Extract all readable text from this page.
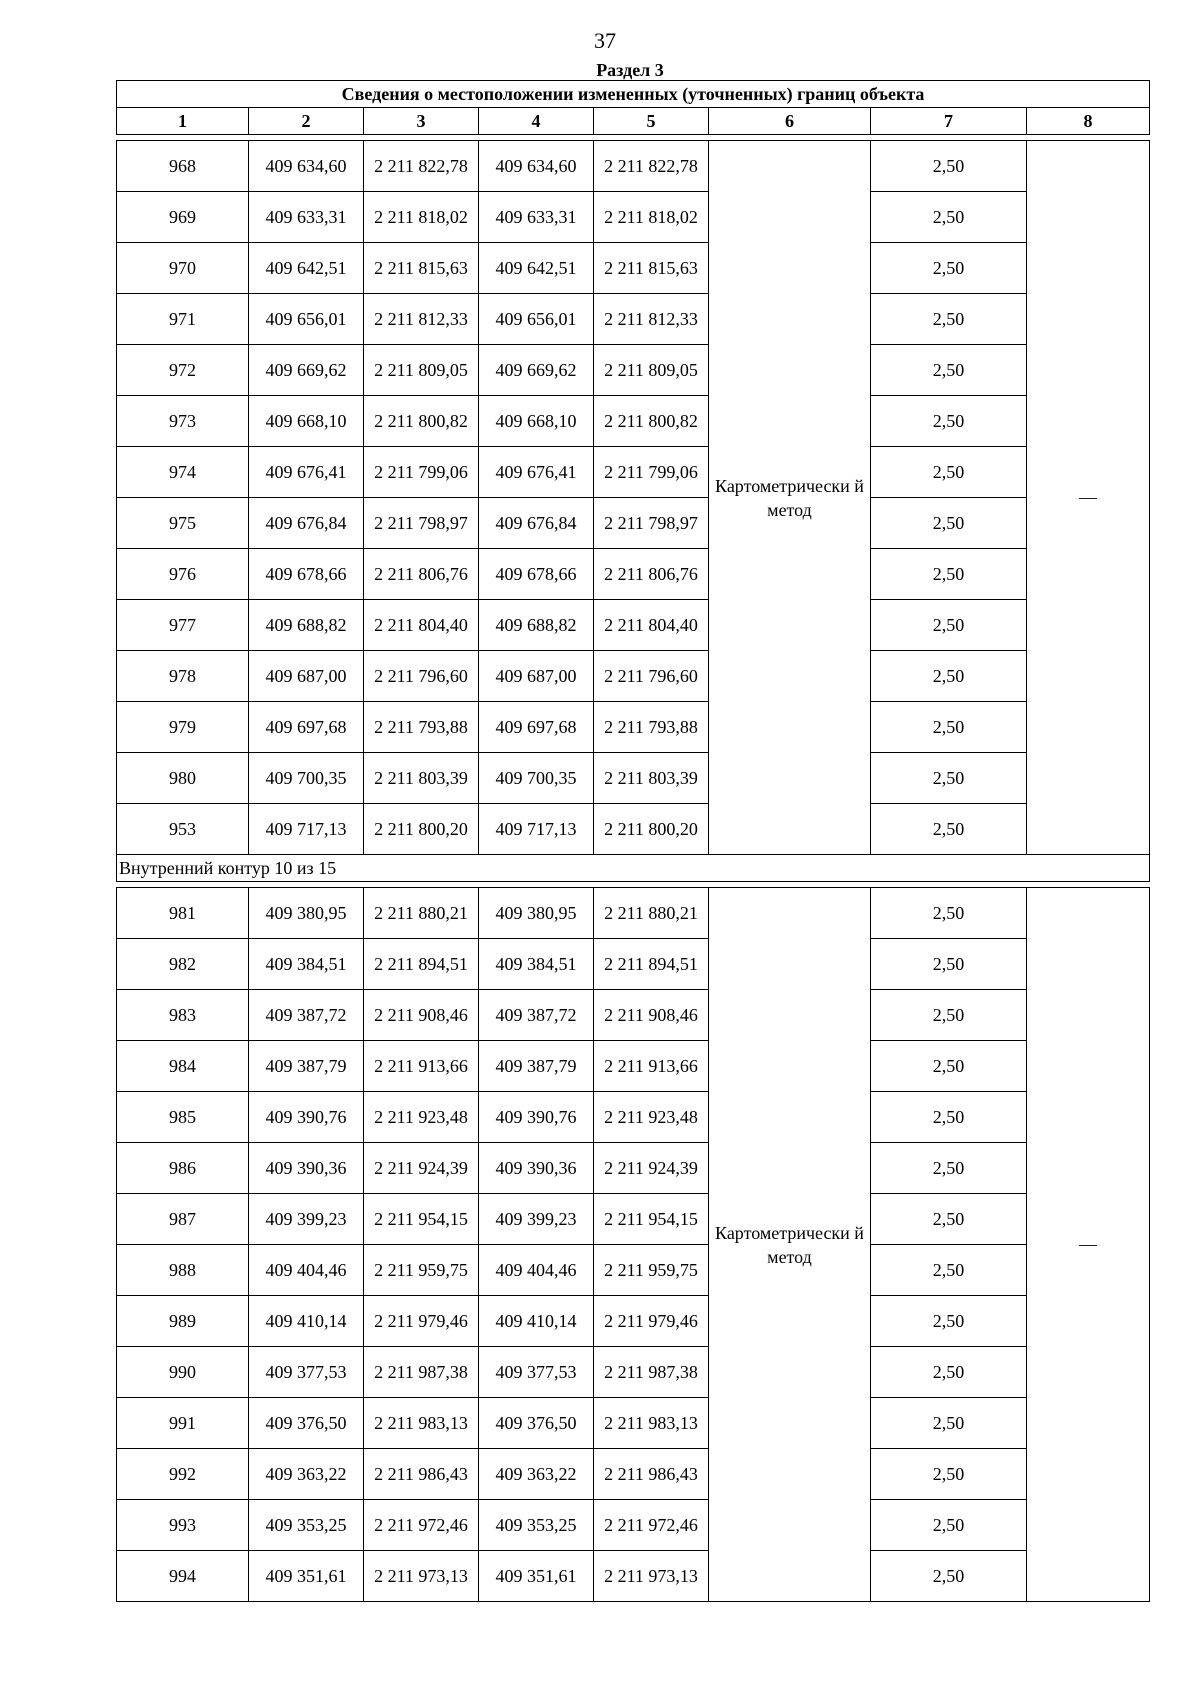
37
Раздел 3
Сведения о местоположении измененных (уточненных) границ объекта							
1	2	3	4	5	6	7	8

968	409 634,60	2 211 822,78	409 634,60	2 211 822,78	Картометрически й метод	2,50	—
969	409 633,31	2 211 818,02	409 633,31	2 211 818,02		2,50	
970	409 642,51	2 211 815,63	409 642,51	2 211 815,63		2,50	
971	409 656,01	2 211 812,33	409 656,01	2 211 812,33		2,50	
972	409 669,62	2 211 809,05	409 669,62	2 211 809,05		2,50	
973	409 668,10	2 211 800,82	409 668,10	2 211 800,82		2,50	
974	409 676,41	2 211 799,06	409 676,41	2 211 799,06		2,50	
975	409 676,84	2 211 798,97	409 676,84	2 211 798,97		2,50	
976	409 678,66	2 211 806,76	409 678,66	2 211 806,76		2,50	
977	409 688,82	2 211 804,40	409 688,82	2 211 804,40		2,50	
978	409 687,00	2 211 796,60	409 687,00	2 211 796,60		2,50	
979	409 697,68	2 211 793,88	409 697,68	2 211 793,88		2,50	
980	409 700,35	2 211 803,39	409 700,35	2 211 803,39		2,50	
953	409 717,13	2 211 800,20	409 717,13	2 211 800,20		2,50	
Внутренний контур 10 из 15							

981	409 380,95	2 211 880,21	409 380,95	2 211 880,21	Картометрически й метод	2,50	—
982	409 384,51	2 211 894,51	409 384,51	2 211 894,51		2,50	
983	409 387,72	2 211 908,46	409 387,72	2 211 908,46		2,50	
984	409 387,79	2 211 913,66	409 387,79	2 211 913,66		2,50	
985	409 390,76	2 211 923,48	409 390,76	2 211 923,48		2,50	
986	409 390,36	2 211 924,39	409 390,36	2 211 924,39		2,50	
987	409 399,23	2 211 954,15	409 399,23	2 211 954,15		2,50	
988	409 404,46	2 211 959,75	409 404,46	2 211 959,75		2,50	
989	409 410,14	2 211 979,46	409 410,14	2 211 979,46		2,50	
990	409 377,53	2 211 987,38	409 377,53	2 211 987,38		2,50	
991	409 376,50	2 211 983,13	409 376,50	2 211 983,13		2,50	
992	409 363,22	2 211 986,43	409 363,22	2 211 986,43		2,50	
993	409 353,25	2 211 972,46	409 353,25	2 211 972,46		2,50	
994	409 351,61	2 211 973,13	409 351,61	2 211 973,13		2,50	
